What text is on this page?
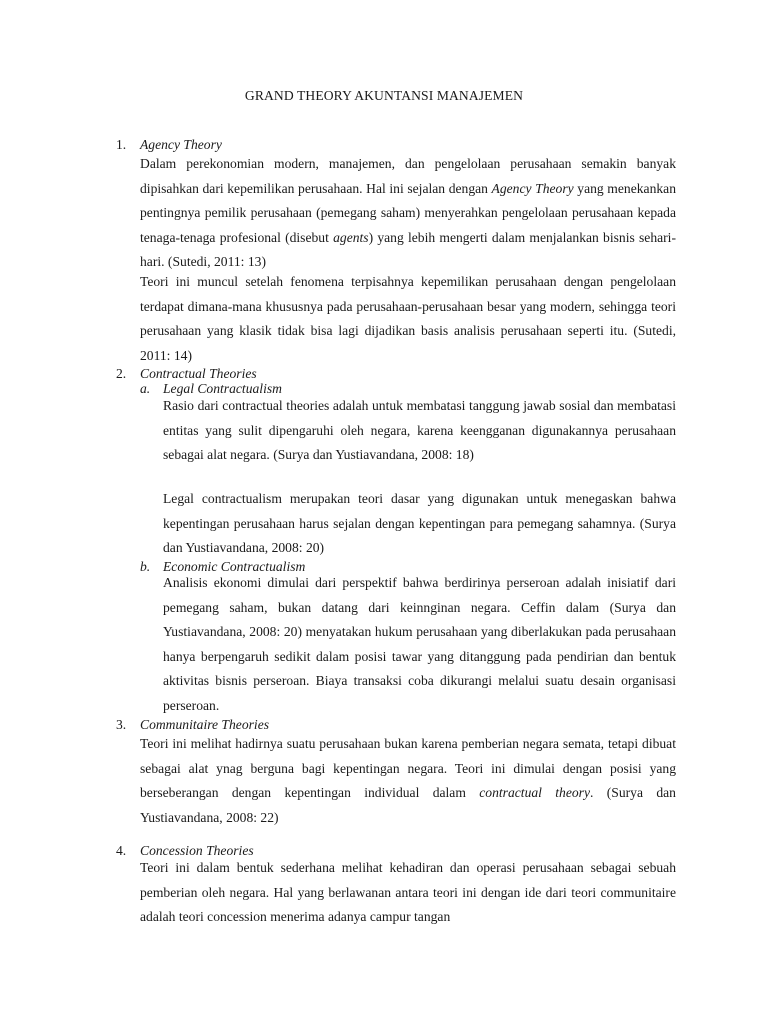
GRAND THEORY AKUNTANSI MANAJEMEN
1.	Agency Theory

Dalam perekonomian modern, manajemen, dan pengelolaan perusahaan semakin banyak dipisahkan dari kepemilikan perusahaan. Hal ini sejalan dengan Agency Theory yang menekankan pentingnya pemilik perusahaan (pemegang saham) menyerahkan pengelolaan perusahaan kepada tenaga-tenaga profesional (disebut agents) yang lebih mengerti dalam menjalankan bisnis sehari-hari. (Sutedi, 2011: 13)

Teori ini muncul setelah fenomena terpisahnya kepemilikan perusahaan dengan pengelolaan terdapat dimana-mana khususnya pada perusahaan-perusahaan besar yang modern, sehingga teori perusahaan yang klasik tidak bisa lagi dijadikan basis analisis perusahaan seperti itu. (Sutedi, 2011: 14)

2.	Contractual Theories
a. Legal Contractualism

Rasio dari contractual theories adalah untuk membatasi tanggung jawab sosial dan membatasi entitas yang sulit dipengaruhi oleh negara, karena keengganan digunakannya perusahaan sebagai alat negara. (Surya dan Yustiavandana, 2008: 18)

Legal contractualism merupakan teori dasar yang digunakan untuk menegaskan bahwa kepentingan perusahaan harus sejalan dengan kepentingan para pemegang sahamnya. (Surya dan Yustiavandana, 2008: 20)

b. Economic Contractualism

Analisis ekonomi dimulai dari perspektif bahwa berdirinya perseroan adalah inisiatif dari pemegang saham, bukan datang dari keinnginan negara. Ceffin dalam (Surya dan Yustiavandana, 2008: 20) menyatakan hukum perusahaan yang diberlakukan pada perusahaan hanya berpengaruh sedikit dalam posisi tawar yang ditanggung pada pendirian dan bentuk aktivitas bisnis perseroan. Biaya transaksi coba dikurangi melalui suatu desain organisasi perseroan.

3.	Communitaire Theories

Teori ini melihat hadirnya suatu perusahaan bukan karena pemberian negara semata, tetapi dibuat sebagai alat ynag berguna bagi kepentingan negara. Teori ini dimulai dengan posisi yang berseberangan dengan kepentingan individual dalam contractual theory. (Surya dan Yustiavandana, 2008: 22)

4.	Concession Theories

Teori ini dalam bentuk sederhana melihat kehadiran dan operasi perusahaan sebagai sebuah pemberian oleh negara. Hal yang berlawanan antara teori ini dengan ide dari teori communitaire adalah teori concession menerima adanya campur tangan
